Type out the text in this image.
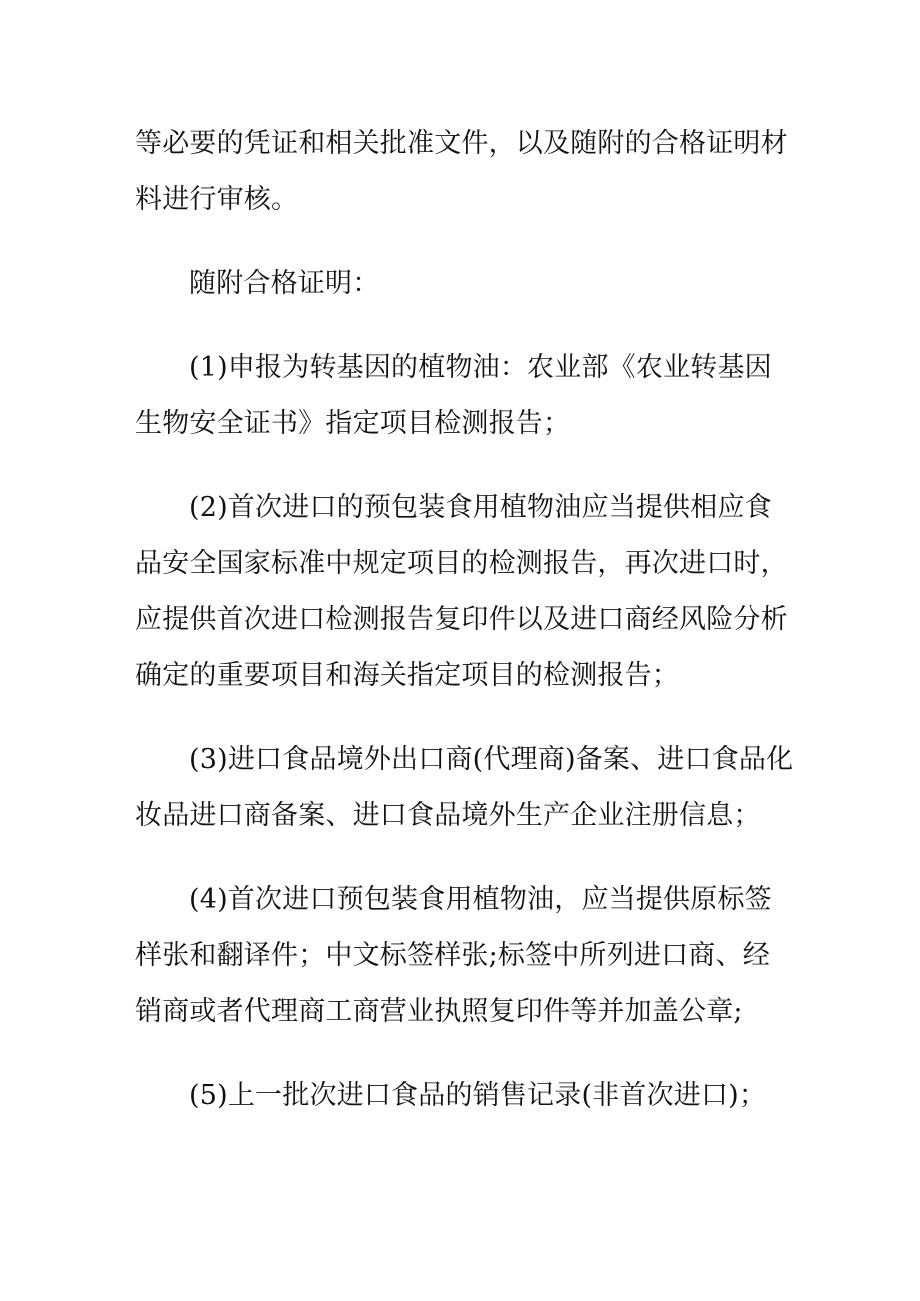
等必要的凭证和相关批准文件，以及随附的合格证明材料进行审核。

随附合格证明：

(1)申报为转基因的植物油：农业部《农业转基因生物安全证书》指定项目检测报告；

(2)首次进口的预包装食用植物油应当提供相应食品安全国家标准中规定项目的检测报告，再次进口时，应提供首次进口检测报告复印件以及进口商经风险分析确定的重要项目和海关指定项目的检测报告；

(3)进口食品境外出口商(代理商)备案、进口食品化妆品进口商备案、进口食品境外生产企业注册信息；

(4)首次进口预包装食用植物油，应当提供原标签样张和翻译件；中文标签样张;标签中所列进口商、经销商或者代理商工商营业执照复印件等并加盖公章;

(5)上一批次进口食品的销售记录(非首次进口)；
